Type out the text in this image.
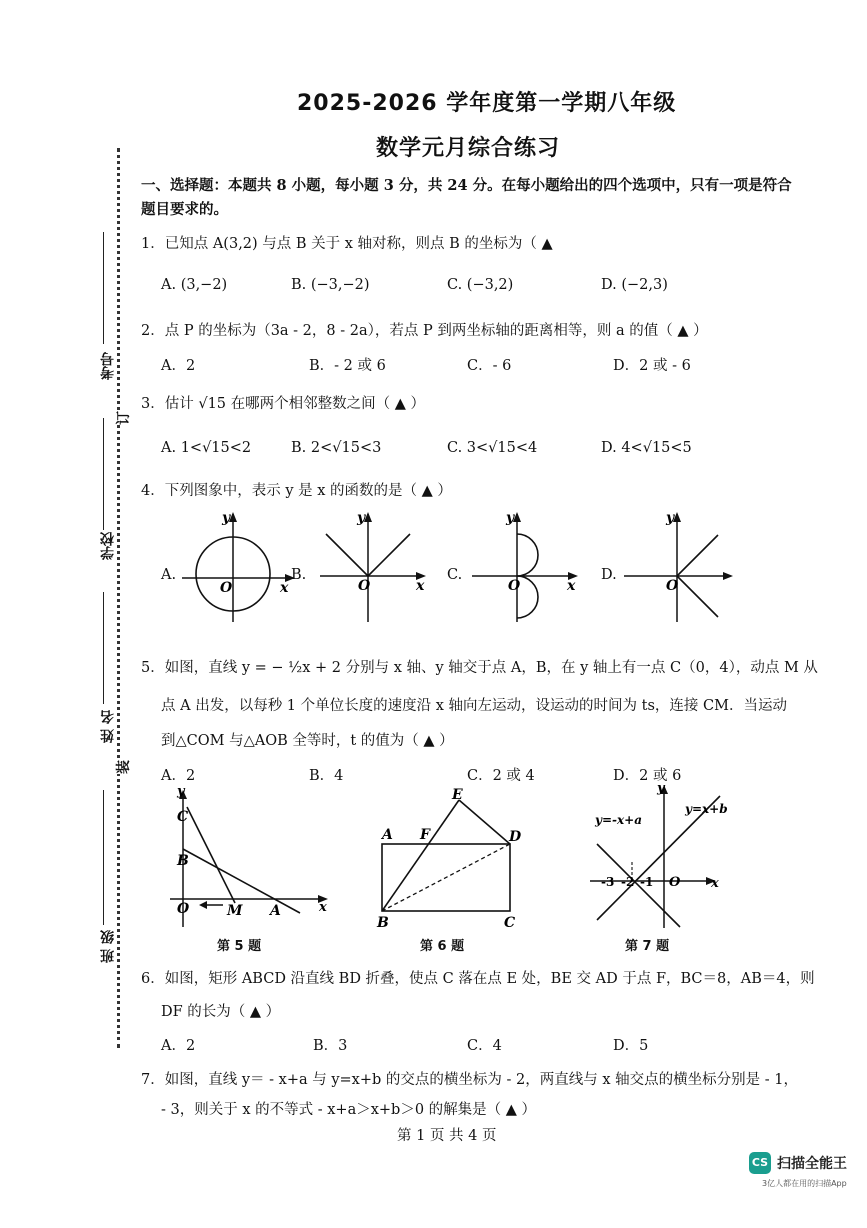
2025-2026 学年度第一学期八年级
数学元月综合练习
考号
学校
姓 名
班 级
订
装
一、选择题：本题共 8 小题，每小题 3 分，共 24 分。在每小题给出的四个选项中，只有一项是符合
题目要求的。
1．已知点 A(3,2) 与点 B 关于 x 轴对称，则点 B 的坐标为（ ▲
A. (3,−2)	B. (−3,−2)	C. (−3,2)	D. (−2,3)
2．点 P 的坐标为（3a - 2，8 - 2a），若点 P 到两坐标轴的距离相等，则 a 的值（ ▲ ）
A．2	B．- 2 或 6	C．- 6	D．2 或 - 6
3．估计 √15 在哪两个相邻整数之间（ ▲ ）
A. 1<√15<2	B. 2<√15<3	C. 3<√15<4	D. 4<√15<5
4．下列图象中，表示 y 是 x 的函数的是（ ▲ ）
A.
y
O	x
B.
y
O	x
C.
y
O	x
D.
y
O
5．如图，直线 y = − ½x + 2 分别与 x 轴、y 轴交于点 A，B，在 y 轴上有一点 C（0，4），动点 M 从
点 A 出发，以每秒 1 个单位长度的速度沿 x 轴向左运动，设运动的时间为 ts，连接 CM．当运动
到△COM 与△AOB 全等时，t 的值为（ ▲ ）
A．2	B．4	C．2 或 4	D．2 或 6
y
C
B
O	M A	x
第 5 题
E
A F	D
B	C
第 6 题
y
y=-x+a
y=x+b
-3 -2 -1 O x
第 7 题
6．如图，矩形 ABCD 沿直线 BD 折叠，使点 C 落在点 E 处，BE 交 AD 于点 F，BC＝8，AB＝4，则
DF 的长为（ ▲ ）
A．2	B．3	C．4	D．5
7．如图，直线 y＝ - x+a 与 y=x+b 的交点的横坐标为 - 2，两直线与 x 轴交点的横坐标分别是 - 1，
- 3，则关于 x 的不等式 - x+a＞x+b＞0 的解集是（ ▲ ）
第 1 页 共 4 页
CS 扫描全能王
3亿人都在用的扫描App
